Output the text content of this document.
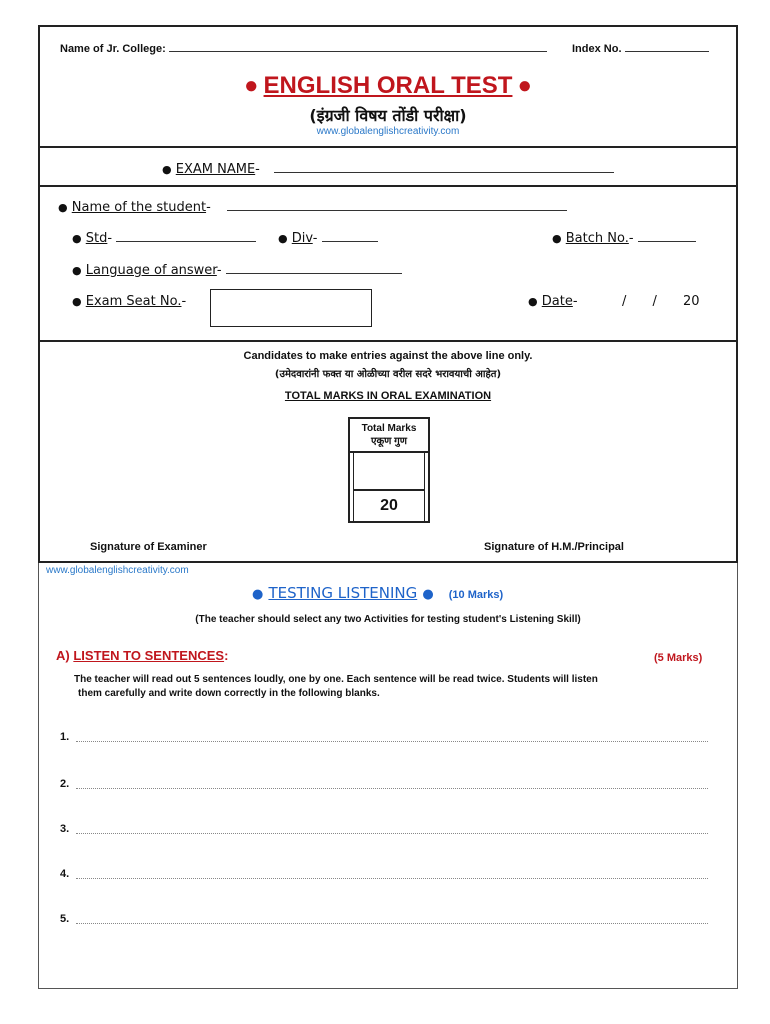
Name of Jr. College:	Index No.
● ENGLISH ORAL TEST ●
(इंग्रजी विषय तोंडी परीक्षा)
www.globalenglishcreativity.com
● EXAM NAME-
● Name of the student-
● Std-	● Div-	● Batch No.-
● Language of answer-
● Exam Seat No.-	● Date-	/ / 20
Candidates to make entries against the above line only.
(उमेदवारांनी फक्त या ओळीच्या वरील सदरे भरावयाची आहेत)
TOTAL MARKS IN ORAL EXAMINATION
Total Marks
एकूण गुण
20
Signature of Examiner	Signature of H.M./Principal
www.globalenglishcreativity.com
● TESTING LISTENING ● (10 Marks)
(The teacher should select any two Activities for testing student's Listening Skill)
A) LISTEN TO SENTENCES:	(5 Marks)
The teacher will read out 5 sentences loudly, one by one. Each sentence will be read twice. Students will listen
them carefully and write down correctly in the following blanks.
1.
2.
3.
4.
5.
